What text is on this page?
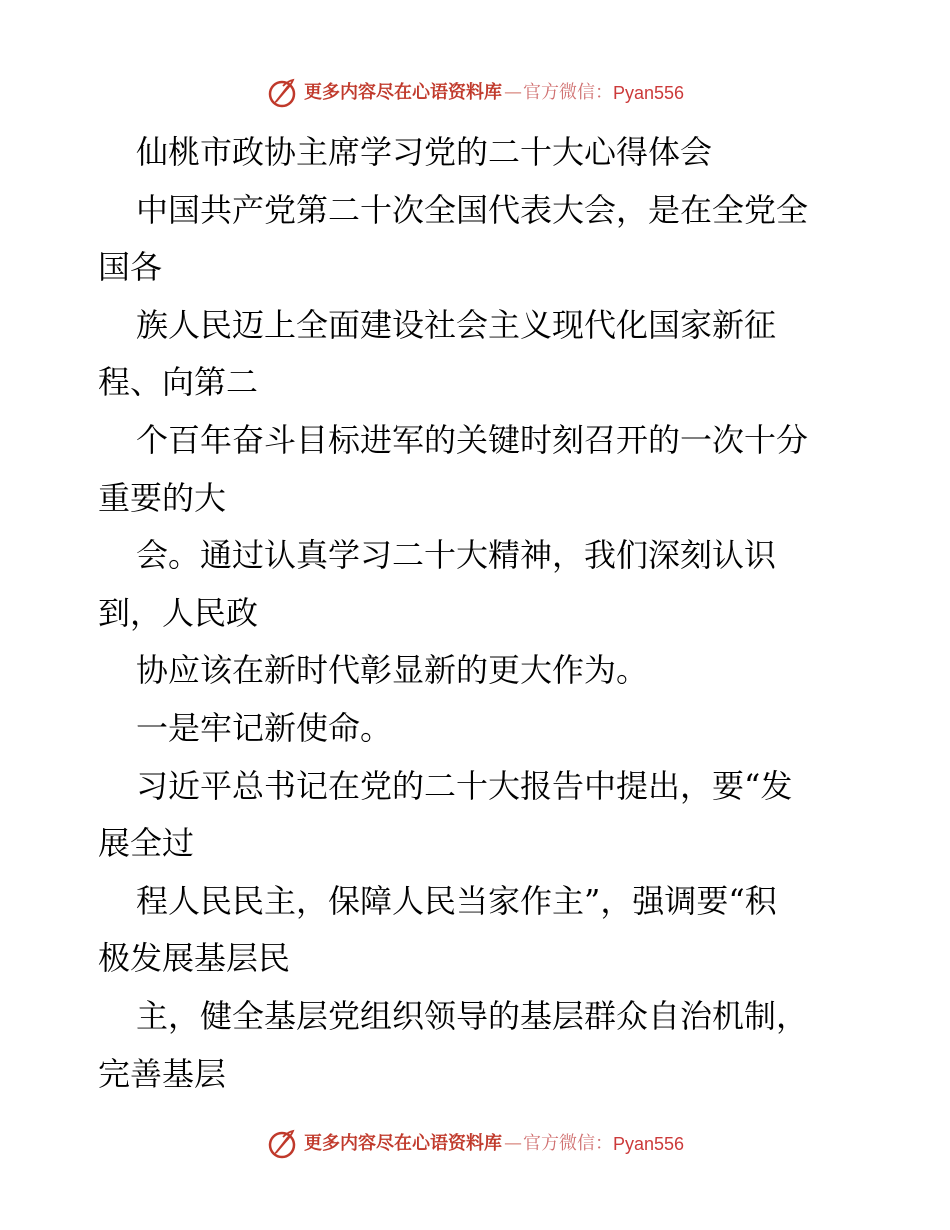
更多内容尽在心语资料库 — 官方微信： Pyan556
仙桃市政协主席学习党的二十大心得体会
中国共产党第二十次全国代表大会，是在全党全
国各
族人民迈上全面建设社会主义现代化国家新征
程、向第二
个百年奋斗目标进军的关键时刻召开的一次十分
重要的大
会。通过认真学习二十大精神，我们深刻认识
到，人民政
协应该在新时代彰显新的更大作为。
一是牢记新使命。
习近平总书记在党的二十大报告中提出，要“发
展全过
程人民民主，保障人民当家作主”，强调要“积
极发展基层民
主，健全基层党组织领导的基层群众自治机制，
完善基层
更多内容尽在心语资料库 — 官方微信： Pyan556
